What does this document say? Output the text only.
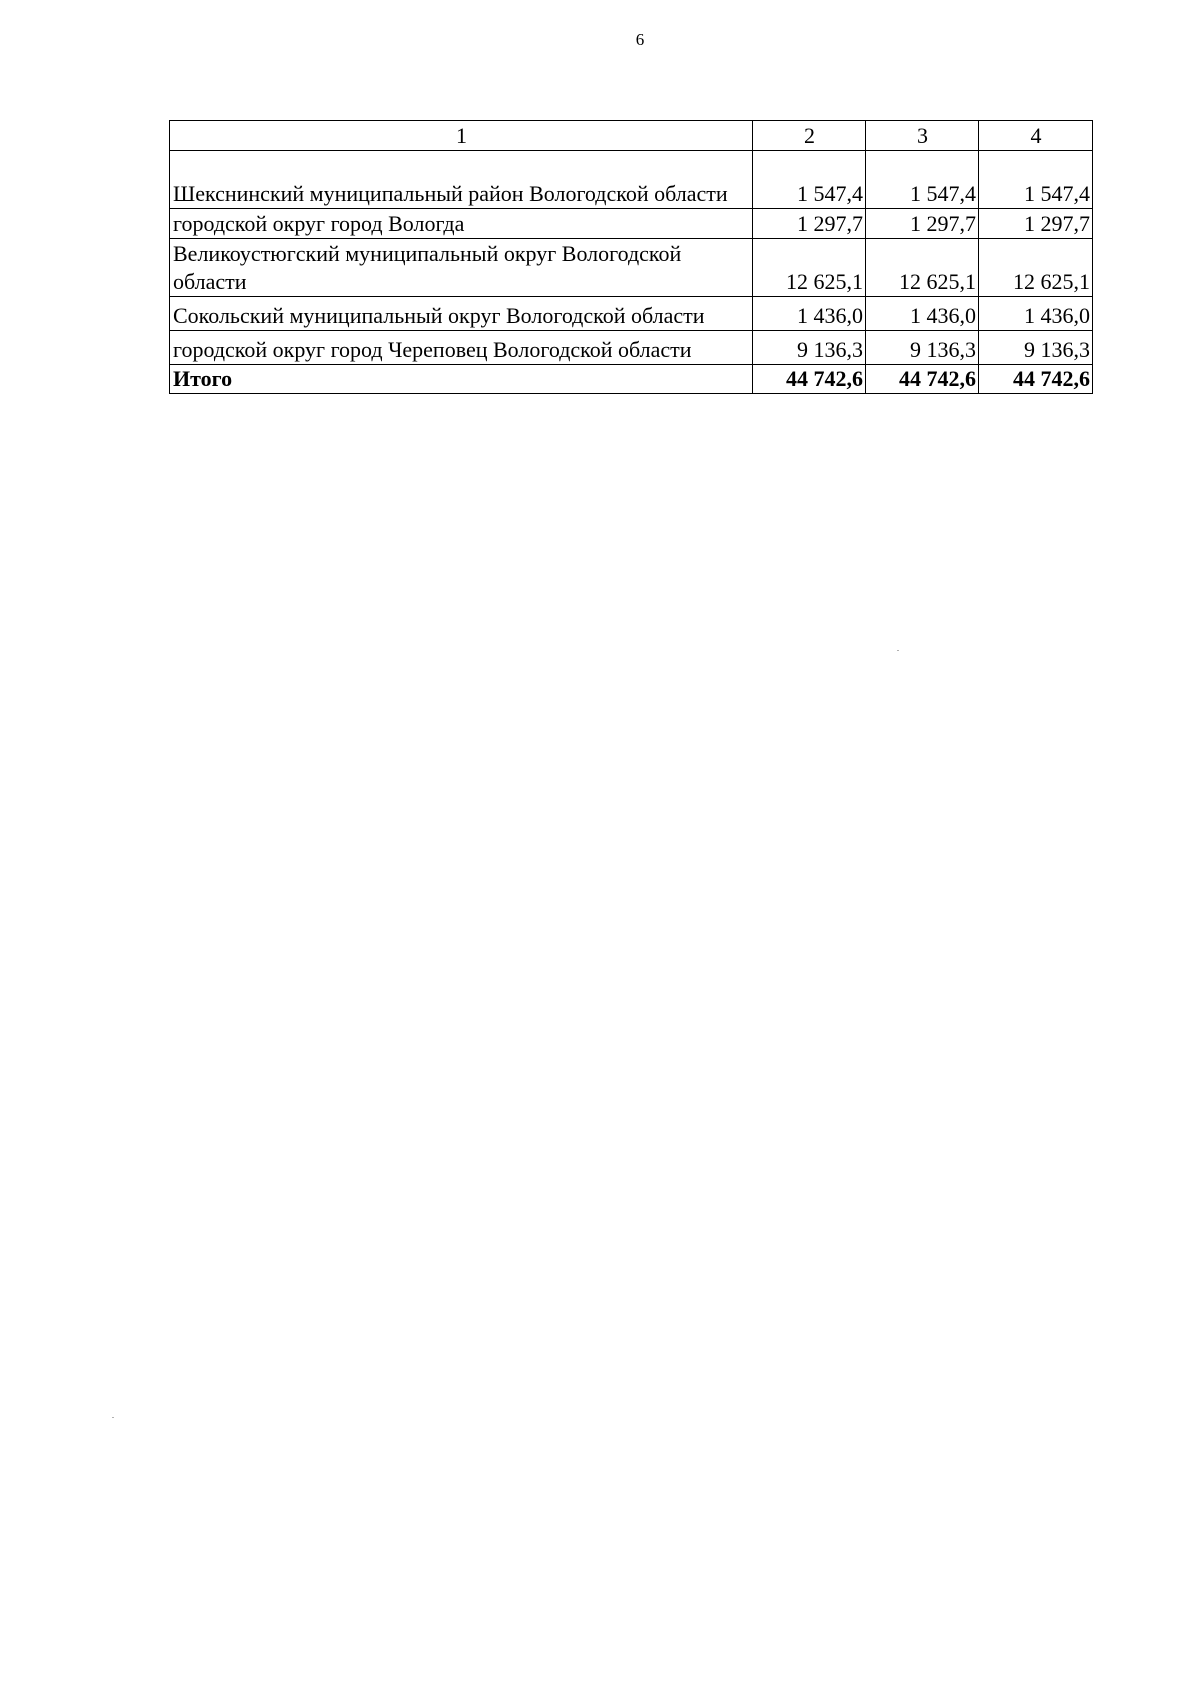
6
1	2	3	4
Шекснинский муниципальный район Вологодской области	1 547,4	1 547,4	1 547,4
городской округ город Вологда	1 297,7	1 297,7	1 297,7
Великоустюгский муниципальный округ Вологодской области	12 625,1	12 625,1	12 625,1
Сокольский муниципальный округ Вологодской области	1 436,0	1 436,0	1 436,0
городской округ город Череповец Вологодской области	9 136,3	9 136,3	9 136,3
Итого	44 742,6	44 742,6	44 742,6
